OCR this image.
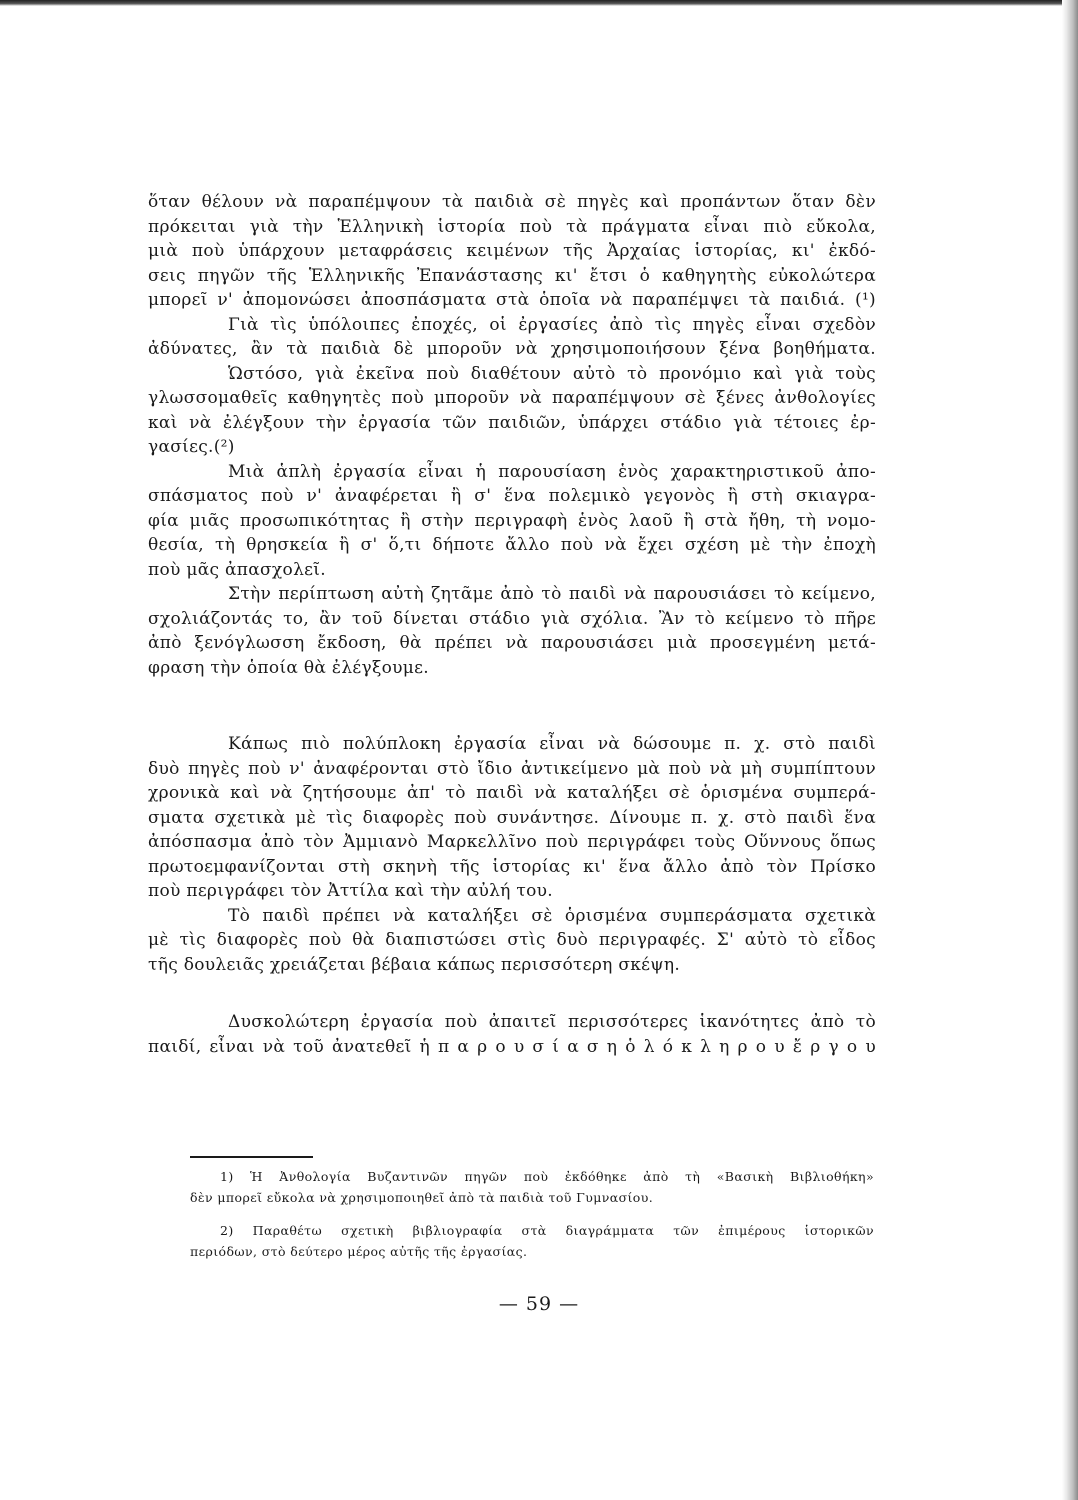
ὅταν θέλουν νὰ παραπέμψουν τὰ παιδιὰ σὲ πηγὲς καὶ προπάντων ὅταν δὲν
πρόκειται γιὰ τὴν Ἑλληνικὴ ἱστορία ποὺ τὰ πράγματα εἶναι πιὸ εὔκολα,
μιὰ ποὺ ὑπάρχουν μεταφράσεις κειμένων τῆς Ἀρχαίας ἱστορίας, κι' ἐκδό-
σεις πηγῶν τῆς Ἑλληνικῆς Ἐπανάστασης κι' ἔτσι ὁ καθηγητὴς εὐκολώτερα
μπορεῖ ν' ἀπομονώσει ἀποσπάσματα στὰ ὁποῖα νὰ παραπέμψει τὰ παιδιά. (¹)
Γιὰ τὶς ὑπόλοιπες ἐποχές, οἱ ἐργασίες ἀπὸ τὶς πηγὲς εἶναι σχεδὸν
ἀδύνατες, ἂν τὰ παιδιὰ δὲ μποροῦν νὰ χρησιμοποιήσουν ξένα βοηθήματα.
Ὡστόσο, γιὰ ἐκεῖνα ποὺ διαθέτουν αὐτὸ τὸ προνόμιο καὶ γιὰ τοὺς
γλωσσομαθεῖς καθηγητὲς ποὺ μποροῦν νὰ παραπέμψουν σὲ ξένες ἀνθολογίες
καὶ νὰ ἐλέγξουν τὴν ἐργασία τῶν παιδιῶν, ὑπάρχει στάδιο γιὰ τέτοιες ἐρ-
γασίες.(²)
Μιὰ ἁπλὴ ἐργασία εἶναι ἡ παρουσίαση ἑνὸς χαρακτηριστικοῦ ἀπο-
σπάσματος ποὺ ν' ἀναφέρεται ἢ σ' ἕνα πολεμικὸ γεγονὸς ἢ στὴ σκιαγρα-
φία μιᾶς προσωπικότητας ἢ στὴν περιγραφὴ ἑνὸς λαοῦ ἢ στὰ ἤθη, τὴ νομο-
θεσία, τὴ θρησκεία ἢ σ' ὅ,τι δήποτε ἄλλο ποὺ νὰ ἔχει σχέση μὲ τὴν ἐποχὴ
ποὺ μᾶς ἀπασχολεῖ.
Στὴν περίπτωση αὐτὴ ζητᾶμε ἀπὸ τὸ παιδὶ νὰ παρουσιάσει τὸ κείμενο,
σχολιάζοντάς το, ἂν τοῦ δίνεται στάδιο γιὰ σχόλια. Ἂν τὸ κείμενο τὸ πῆρε
ἀπὸ ξενόγλωσση ἔκδοση, θὰ πρέπει νὰ παρουσιάσει μιὰ προσεγμένη μετά-
φραση τὴν ὁποία θὰ ἐλέγξουμε.
Κάπως πιὸ πολύπλοκη ἐργασία εἶναι νὰ δώσουμε π. χ. στὸ παιδὶ
δυὸ πηγὲς ποὺ ν' ἀναφέρονται στὸ ἴδιο ἀντικείμενο μὰ ποὺ νὰ μὴ συμπίπτουν
χρονικὰ καὶ νὰ ζητήσουμε ἀπ' τὸ παιδὶ νὰ καταλήξει σὲ ὁρισμένα συμπερά-
σματα σχετικὰ μὲ τὶς διαφορὲς ποὺ συνάντησε. Δίνουμε π. χ. στὸ παιδὶ ἕνα
ἀπόσπασμα ἀπὸ τὸν Ἀμμιανὸ Μαρκελλῖνο ποὺ περιγράφει τοὺς Οὕννους ὅπως
πρωτοεμφανίζονται στὴ σκηνὴ τῆς ἱστορίας κι' ἕνα ἄλλο ἀπὸ τὸν Πρίσκο
ποὺ περιγράφει τὸν Ἀττίλα καὶ τὴν αὐλή του.
Τὸ παιδὶ πρέπει νὰ καταλήξει σὲ ὁρισμένα συμπεράσματα σχετικὰ
μὲ τὶς διαφορὲς ποὺ θὰ διαπιστώσει στὶς δυὸ περιγραφές. Σ' αὐτὸ τὸ εἶδος
τῆς δουλειᾶς χρειάζεται βέβαια κάπως περισσότερη σκέψη.
Δυσκολώτερη ἐργασία ποὺ ἀπαιτεῖ περισσότερες ἱκανότητες ἀπὸ τὸ
παιδί, εἶναι νὰ τοῦ ἀνατεθεῖ ἡ π α ρ ο υ σ ί α σ η ὁ λ ό κ λ η ρ ο υ ἔ ρ γ ο υ
1) Ἡ Ἀνθολογία Βυζαντινῶν πηγῶν ποὺ ἐκδόθηκε ἀπὸ τὴ «Βασικὴ Βιβλιοθήκη»
δὲν μπορεῖ εὔκολα νὰ χρησιμοποιηθεῖ ἀπὸ τὰ παιδιὰ τοῦ Γυμνασίου.
2) Παραθέτω σχετικὴ βιβλιογραφία στὰ διαγράμματα τῶν ἐπιμέρους ἱστορικῶν
περιόδων, στὸ δεύτερο μέρος αὐτῆς τῆς ἐργασίας.
— 59 —
